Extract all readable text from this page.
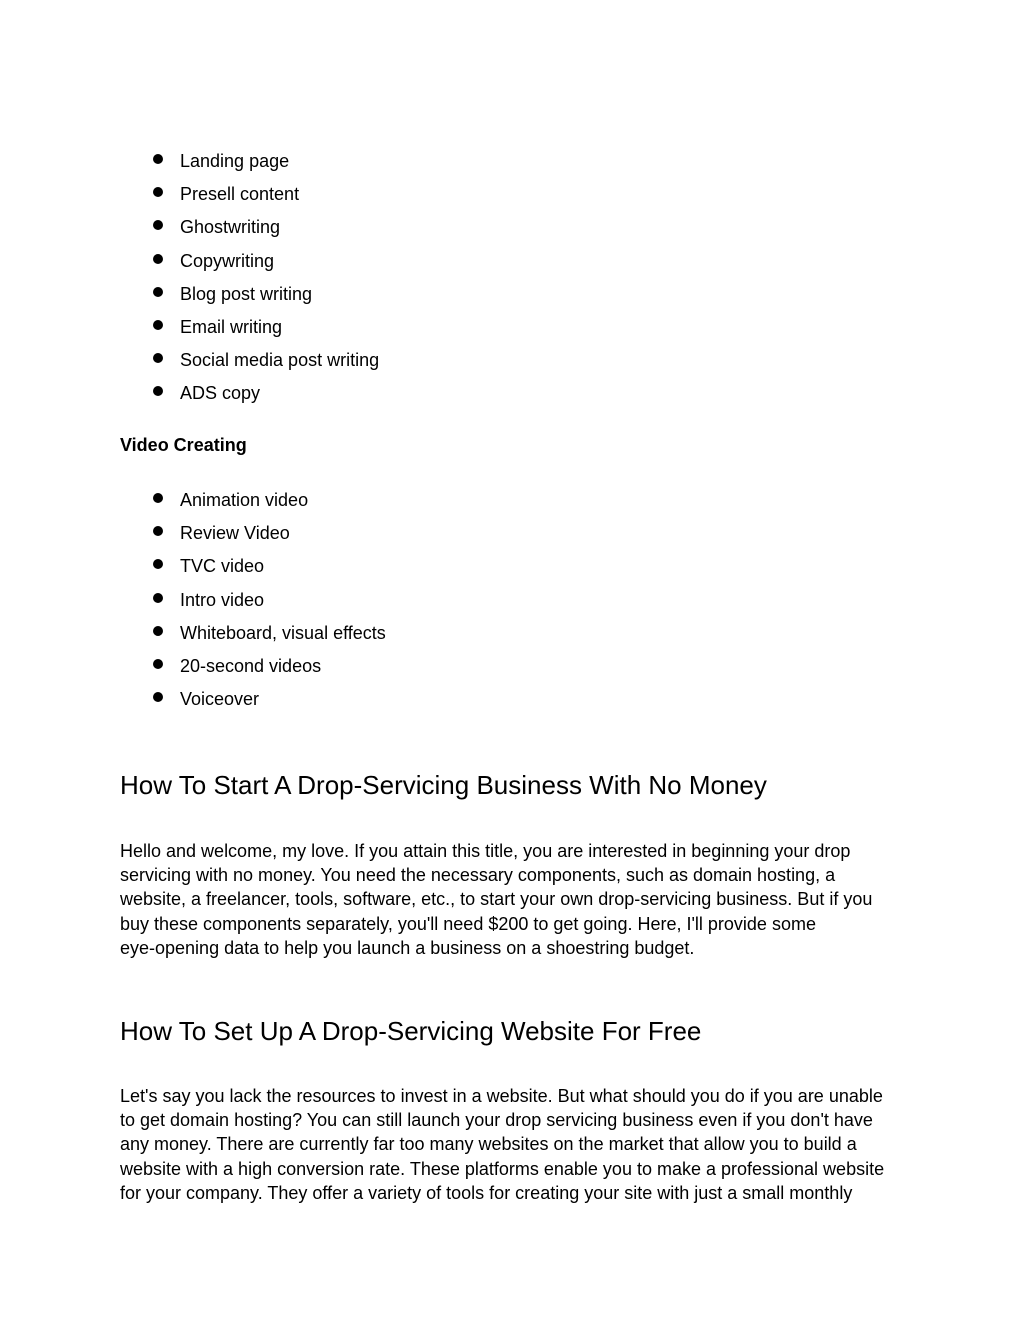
Landing page
Presell content
Ghostwriting
Copywriting
Blog post writing
Email writing
Social media post writing
ADS copy
Video Creating
Animation video
Review Video
TVC video
Intro video
Whiteboard, visual effects
20-second videos
Voiceover
How To Start A Drop-Servicing Business With No Money

Hello and welcome, my love. If you attain this title, you are interested in beginning your drop
servicing with no money. You need the necessary components, such as domain hosting, a
website, a freelancer, tools, software, etc., to start your own drop-servicing business. But if you
buy these components separately, you'll need $200 to get going. Here, I'll provide some
eye-opening data to help you launch a business on a shoestring budget.

How To Set Up A Drop-Servicing Website For Free

Let's say you lack the resources to invest in a website. But what should you do if you are unable
to get domain hosting? You can still launch your drop servicing business even if you don't have
any money. There are currently far too many websites on the market that allow you to build a
website with a high conversion rate. These platforms enable you to make a professional website
for your company. They offer a variety of tools for creating your site with just a small monthly
